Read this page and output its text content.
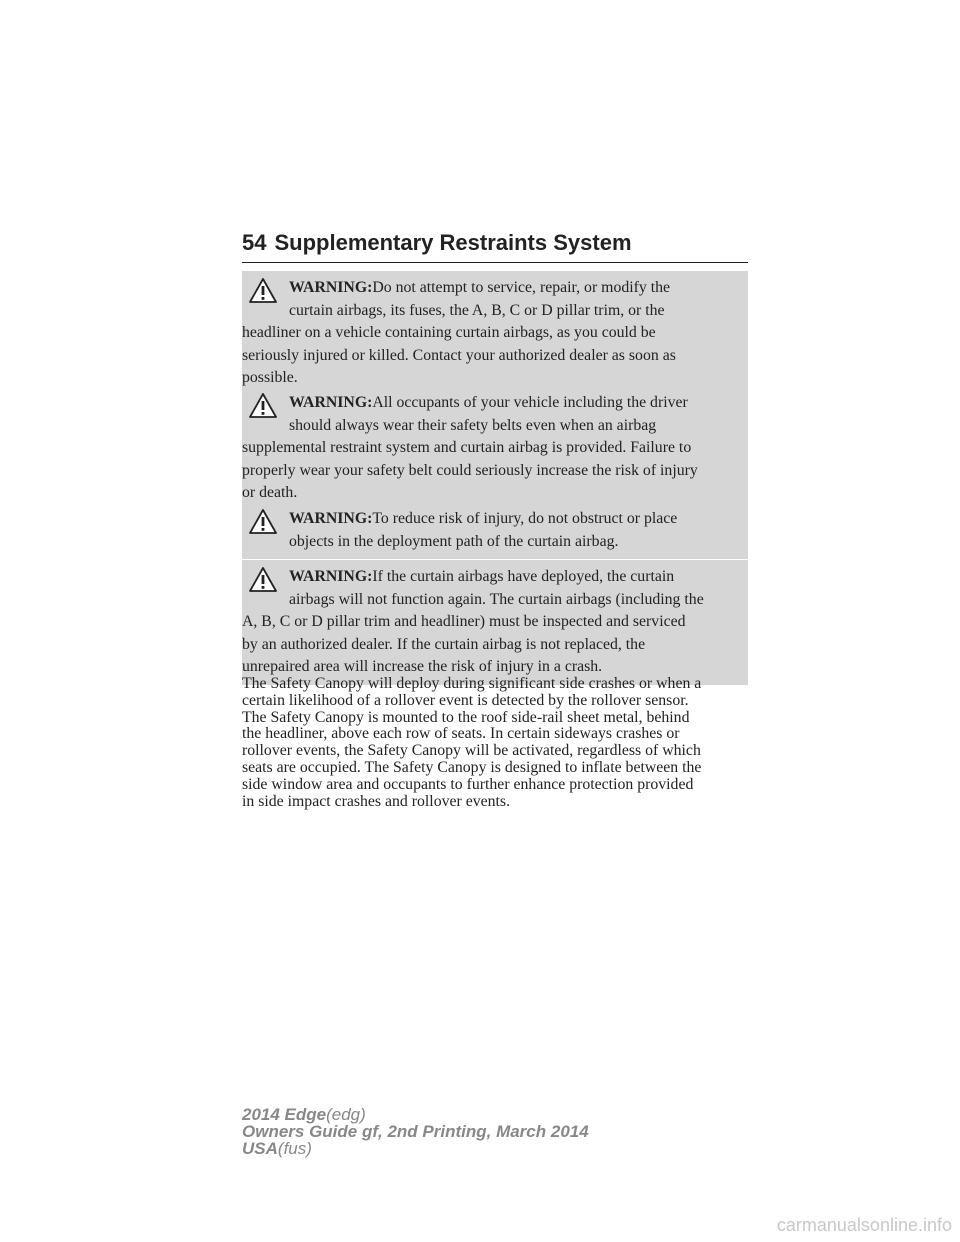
54 Supplementary Restraints System
WARNING:Do not attempt to service, repair, or modify the
curtain airbags, its fuses, the A, B, C or D pillar trim, or the
headliner on a vehicle containing curtain airbags, as you could be
seriously injured or killed. Contact your authorized dealer as soon as
possible.
WARNING:All occupants of your vehicle including the driver
should always wear their safety belts even when an airbag
supplemental restraint system and curtain airbag is provided. Failure to
properly wear your safety belt could seriously increase the risk of injury
or death.
WARNING:To reduce risk of injury, do not obstruct or place
objects in the deployment path of the curtain airbag.
WARNING:If the curtain airbags have deployed, the curtain
airbags will not function again. The curtain airbags (including the
A, B, C or D pillar trim and headliner) must be inspected and serviced
by an authorized dealer. If the curtain airbag is not replaced, the
unrepaired area will increase the risk of injury in a crash.
The Safety Canopy will deploy during significant side crashes or when a
certain likelihood of a rollover event is detected by the rollover sensor.
The Safety Canopy is mounted to the roof side-rail sheet metal, behind
the headliner, above each row of seats. In certain sideways crashes or
rollover events, the Safety Canopy will be activated, regardless of which
seats are occupied. The Safety Canopy is designed to inflate between the
side window area and occupants to further enhance protection provided
in side impact crashes and rollover events.
2014 Edge(edg)
Owners Guide gf, 2nd Printing, March 2014
USA(fus)
carmanualsonline.info
